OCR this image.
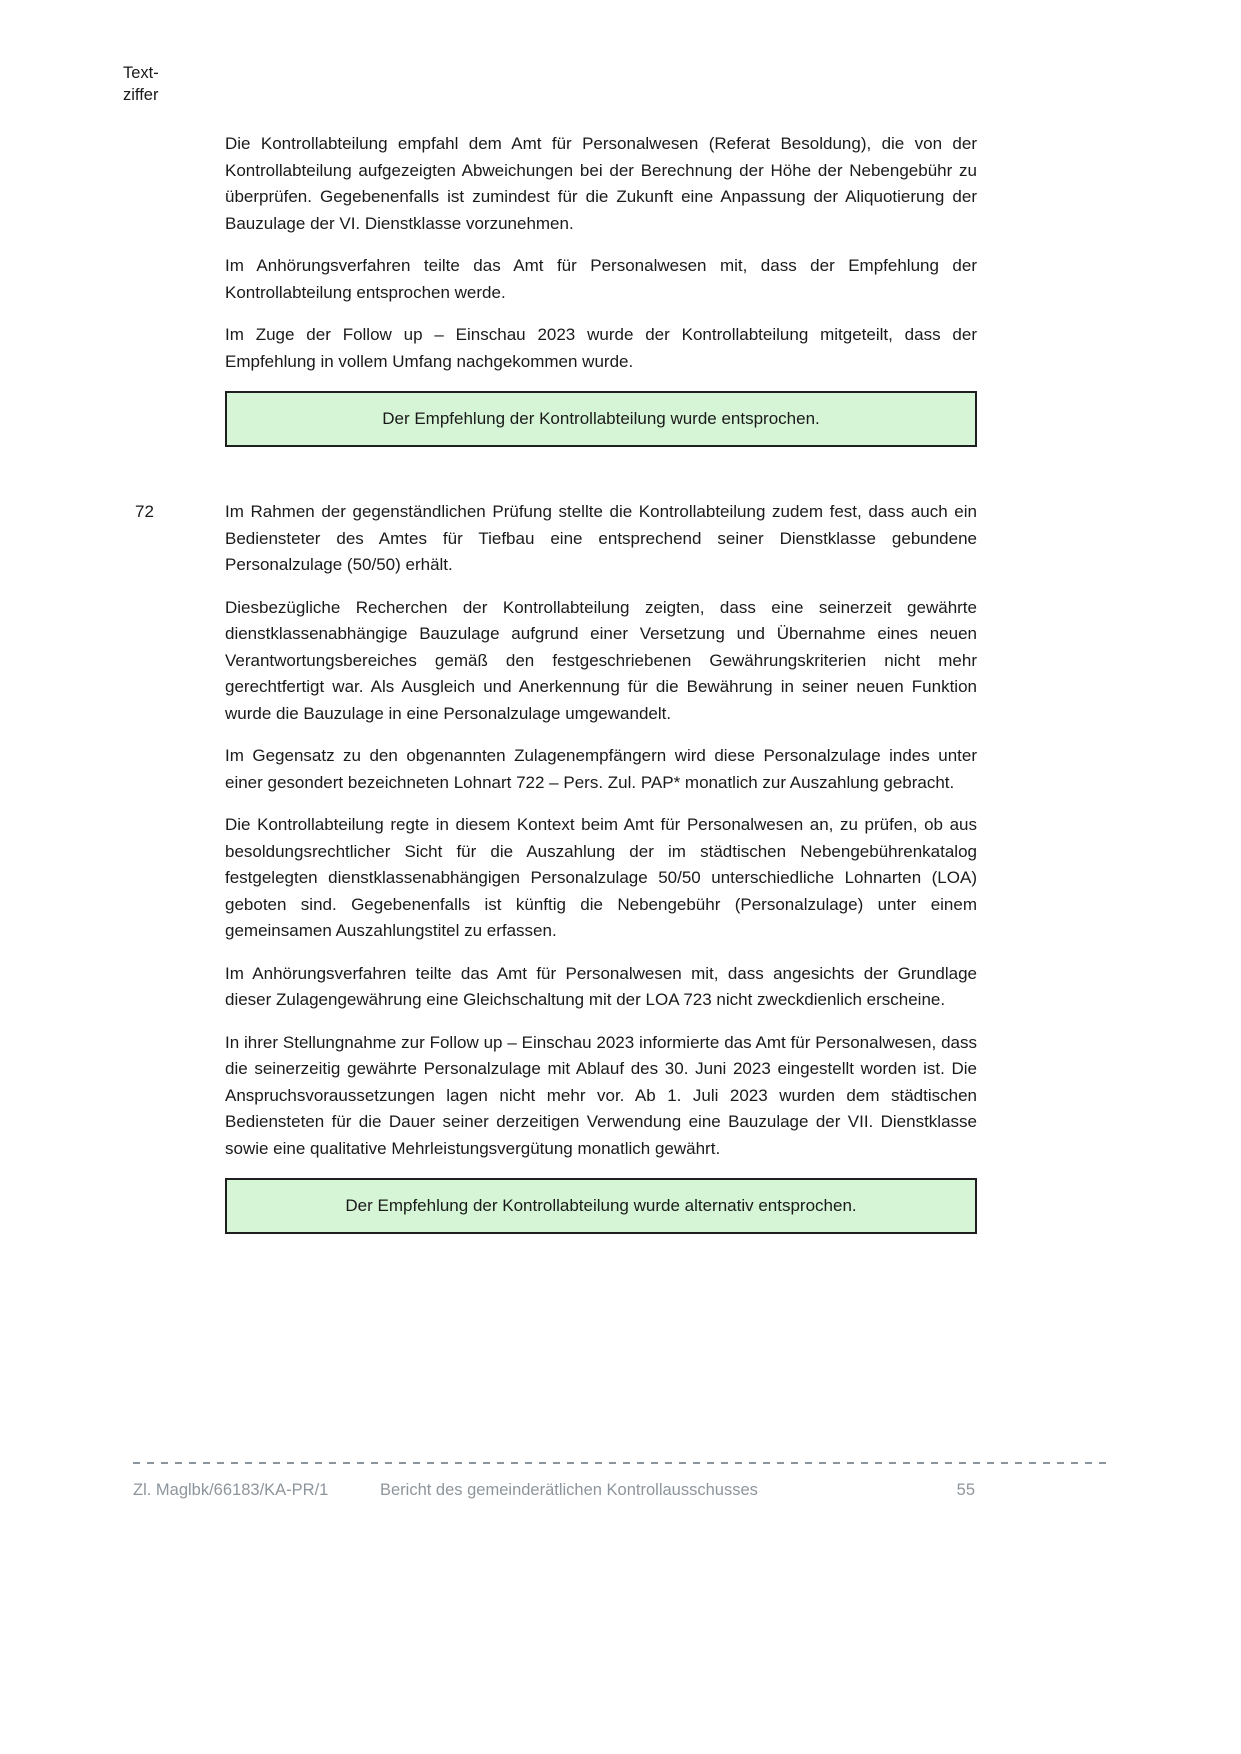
Text-
ziffer

Die Kontrollabteilung empfahl dem Amt für Personalwesen (Referat Besoldung), die von der Kontrollabteilung aufgezeigten Abweichungen bei der Berechnung der Höhe der Nebengebühr zu überprüfen. Gegebenenfalls ist zumindest für die Zukunft eine Anpassung der Aliquotierung der Bauzulage der VI. Dienstklasse vorzunehmen.

Im Anhörungsverfahren teilte das Amt für Personalwesen mit, dass der Empfehlung der Kontrollabteilung entsprochen werde.

Im Zuge der Follow up – Einschau 2023 wurde der Kontrollabteilung mitgeteilt, dass der Empfehlung in vollem Umfang nachgekommen wurde.

Der Empfehlung der Kontrollabteilung wurde entsprochen.
72	Im Rahmen der gegenständlichen Prüfung stellte die Kontrollabteilung zudem fest, dass auch ein Bediensteter des Amtes für Tiefbau eine entsprechend seiner Dienstklasse gebundene Personalzulage (50/50) erhält.

Diesbezügliche Recherchen der Kontrollabteilung zeigten, dass eine seinerzeit gewährte dienstklassenabhängige Bauzulage aufgrund einer Versetzung und Übernahme eines neuen Verantwortungsbereiches gemäß den festgeschriebenen Gewährungskriterien nicht mehr gerechtfertigt war. Als Ausgleich und Anerkennung für die Bewährung in seiner neuen Funktion wurde die Bauzulage in eine Personalzulage umgewandelt.

Im Gegensatz zu den obgenannten Zulagenempfängern wird diese Personalzulage indes unter einer gesondert bezeichneten Lohnart 722 – Pers. Zul. PAP* monatlich zur Auszahlung gebracht.

Die Kontrollabteilung regte in diesem Kontext beim Amt für Personalwesen an, zu prüfen, ob aus besoldungsrechtlicher Sicht für die Auszahlung der im städtischen Nebengebührenkatalog festgelegten dienstklassenabhängigen Personalzulage 50/50 unterschiedliche Lohnarten (LOA) geboten sind. Gegebenenfalls ist künftig die Nebengebühr (Personalzulage) unter einem gemeinsamen Auszahlungstitel zu erfassen.

Im Anhörungsverfahren teilte das Amt für Personalwesen mit, dass angesichts der Grundlage dieser Zulagengewährung eine Gleichschaltung mit der LOA 723 nicht zweckdienlich erscheine.

In ihrer Stellungnahme zur Follow up – Einschau 2023 informierte das Amt für Personalwesen, dass die seinerzeitig gewährte Personalzulage mit Ablauf des 30. Juni 2023 eingestellt worden ist. Die Anspruchsvoraussetzungen lagen nicht mehr vor. Ab 1. Juli 2023 wurden dem städtischen Bediensteten für die Dauer seiner derzeitigen Verwendung eine Bauzulage der VII. Dienstklasse sowie eine qualitative Mehrleistungsvergütung monatlich gewährt.

Der Empfehlung der Kontrollabteilung wurde alternativ entsprochen.
Zl. Maglbk/66183/KA-PR/1	Bericht des gemeinderätlichen Kontrollausschusses	55
